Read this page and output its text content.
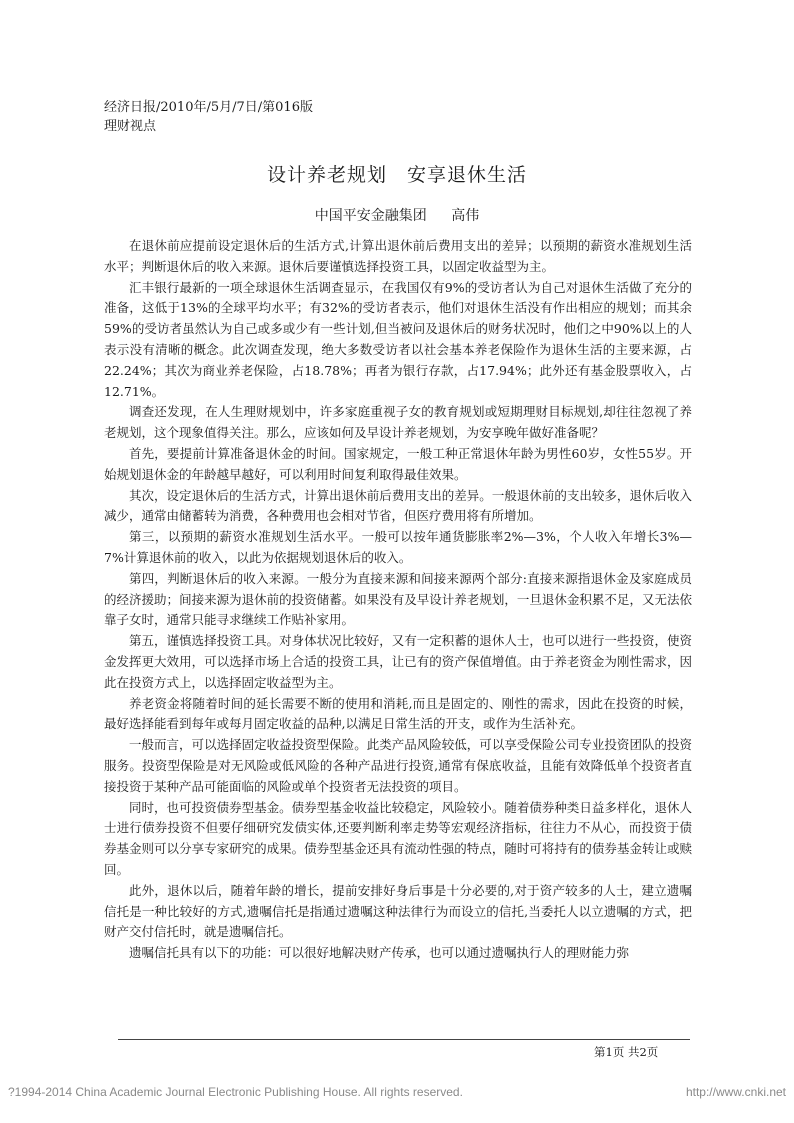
经济日报/2010年/5月/7日/第016版
理财视点
设计养老规划　安享退休生活
中国平安金融集团 高伟

在退休前应提前设定退休后的生活方式,计算出退休前后费用支出的差异；以预期的薪资水准规划生活水平；判断退休后的收入来源。退休后要谨慎选择投资工具，以固定收益型为主。

汇丰银行最新的一项全球退休生活调查显示，在我国仅有9%的受访者认为自己对退休生活做了充分的准备，这低于13%的全球平均水平；有32%的受访者表示，他们对退休生活没有作出相应的规划；而其余59%的受访者虽然认为自己或多或少有一些计划,但当被问及退休后的财务状况时，他们之中90%以上的人表示没有清晰的概念。此次调查发现，绝大多数受访者以社会基本养老保险作为退休生活的主要来源，占22.24%；其次为商业养老保险，占18.78%；再者为银行存款，占17.94%；此外还有基金股票收入，占12.71%。

调查还发现，在人生理财规划中，许多家庭重视子女的教育规划或短期理财目标规划,却往往忽视了养老规划，这个现象值得关注。那么，应该如何及早设计养老规划，为安享晚年做好准备呢？

首先，要提前计算准备退休金的时间。国家规定，一般工种正常退休年龄为男性60岁，女性55岁。开始规划退休金的年龄越早越好，可以利用时间复利取得最佳效果。

其次，设定退休后的生活方式，计算出退休前后费用支出的差异。一般退休前的支出较多，退休后收入减少，通常由储蓄转为消费，各种费用也会相对节省，但医疗费用将有所增加。

第三，以预期的薪资水准规划生活水平。一般可以按年通货膨胀率2%—3%，个人收入年增长3%—7%计算退休前的收入，以此为依据规划退休后的收入。

第四，判断退休后的收入来源。一般分为直接来源和间接来源两个部分:直接来源指退休金及家庭成员的经济援助；间接来源为退休前的投资储蓄。如果没有及早设计养老规划，一旦退休金积累不足，又无法依靠子女时，通常只能寻求继续工作贴补家用。

第五，谨慎选择投资工具。对身体状况比较好，又有一定积蓄的退休人士，也可以进行一些投资，使资金发挥更大效用，可以选择市场上合适的投资工具，让已有的资产保值增值。由于养老资金为刚性需求，因此在投资方式上，以选择固定收益型为主。

养老资金将随着时间的延长需要不断的使用和消耗,而且是固定的、刚性的需求，因此在投资的时候，最好选择能看到每年或每月固定收益的品种,以满足日常生活的开支，或作为生活补充。

一般而言，可以选择固定收益投资型保险。此类产品风险较低，可以享受保险公司专业投资团队的投资服务。投资型保险是对无风险或低风险的各种产品进行投资,通常有保底收益，且能有效降低单个投资者直接投资于某种产品可能面临的风险或单个投资者无法投资的项目。

同时，也可投资债券型基金。债券型基金收益比较稳定，风险较小。随着债券种类日益多样化，退休人士进行债券投资不但要仔细研究发债实体,还要判断利率走势等宏观经济指标，往往力不从心，而投资于债券基金则可以分享专家研究的成果。债券型基金还具有流动性强的特点，随时可将持有的债券基金转让或赎回。

此外，退休以后，随着年龄的增长，提前安排好身后事是十分必要的,对于资产较多的人士，建立遗嘱信托是一种比较好的方式,遗嘱信托是指通过遗嘱这种法律行为而设立的信托,当委托人以立遗嘱的方式，把财产交付信托时，就是遗嘱信托。

遗嘱信托具有以下的功能：可以很好地解决财产传承，也可以通过遗嘱执行人的理财能力弥

第1页 共2页
?1994-2014 China Academic Journal Electronic Publishing House. All rights reserved.	http://www.cnki.net
